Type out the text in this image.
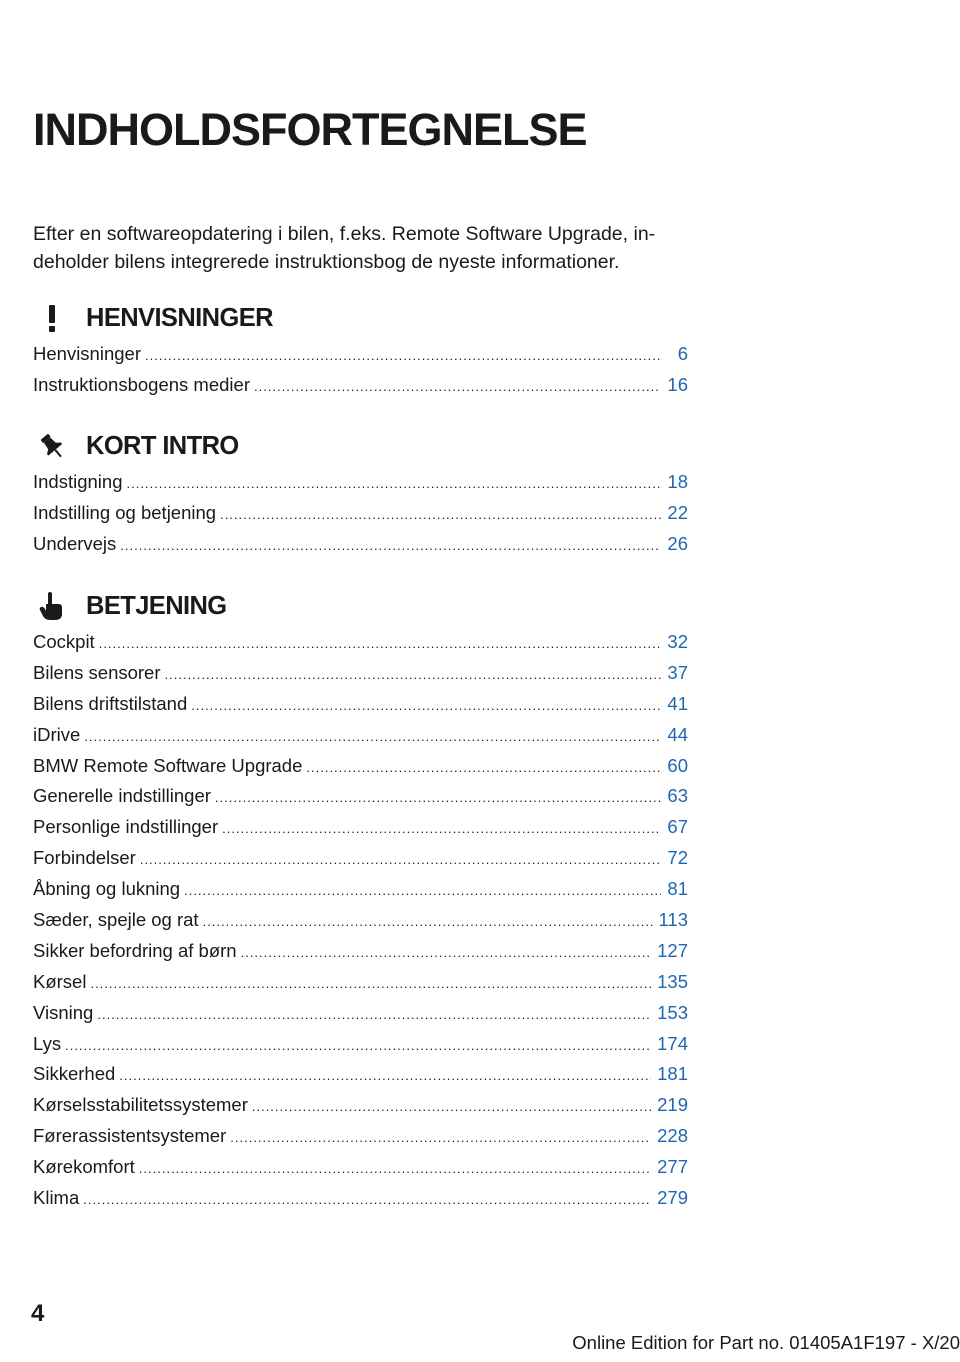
INDHOLDSFORTEGNELSE

Efter en softwareopdatering i bilen, f.eks. Remote Software Upgrade, in-
deholder bilens integrerede instruktionsbog de nyeste informationer.

HENVISNINGER
Henvisninger .....	6
Instruktionsbogens medier .....	16
KORT INTRO
Indstigning .....	18
Indstilling og betjening .....	22
Undervejs .....	26
BETJENING
Cockpit .....	32
Bilens sensorer .....	37
Bilens driftstilstand .....	41
iDrive .....	44
BMW Remote Software Upgrade .....	60
Generelle indstillinger .....	63
Personlige indstillinger .....	67
Forbindelser .....	72
Åbning og lukning .....	81
Sæder, spejle og rat .....	113
Sikker befordring af børn .....	127
Kørsel .....	135
Visning .....	153
Lys .....	174
Sikkerhed .....	181
Kørselsstabilitetssystemer .....	219
Førerassistentsystemer .....	228
Kørekomfort .....	277
Klima .....	279
4
Online Edition for Part no. 01405A1F197 - X/20
